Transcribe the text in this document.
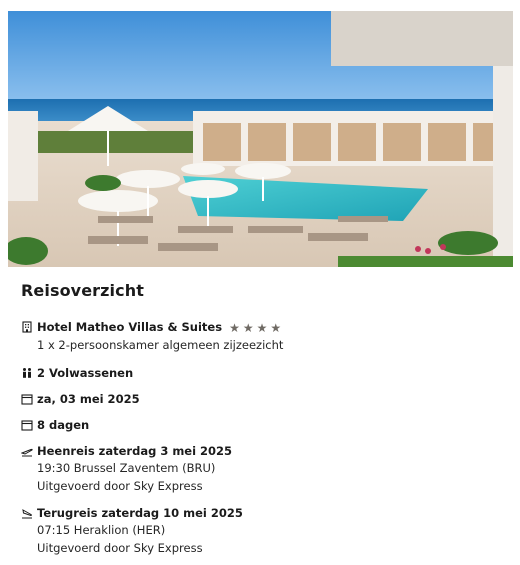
Reisoverzicht
Hotel Matheo Villas & Suites ★ ★ ★ ★
1 x 2-persoonskamer algemeen zijzeezicht
2 Volwassenen
za, 03 mei 2025
8 dagen
Heenreis zaterdag 3 mei 2025
19:30 Brussel Zaventem (BRU)
Uitgevoerd door Sky Express
Terugreis zaterdag 10 mei 2025
07:15 Heraklion (HER)
Uitgevoerd door Sky Express
